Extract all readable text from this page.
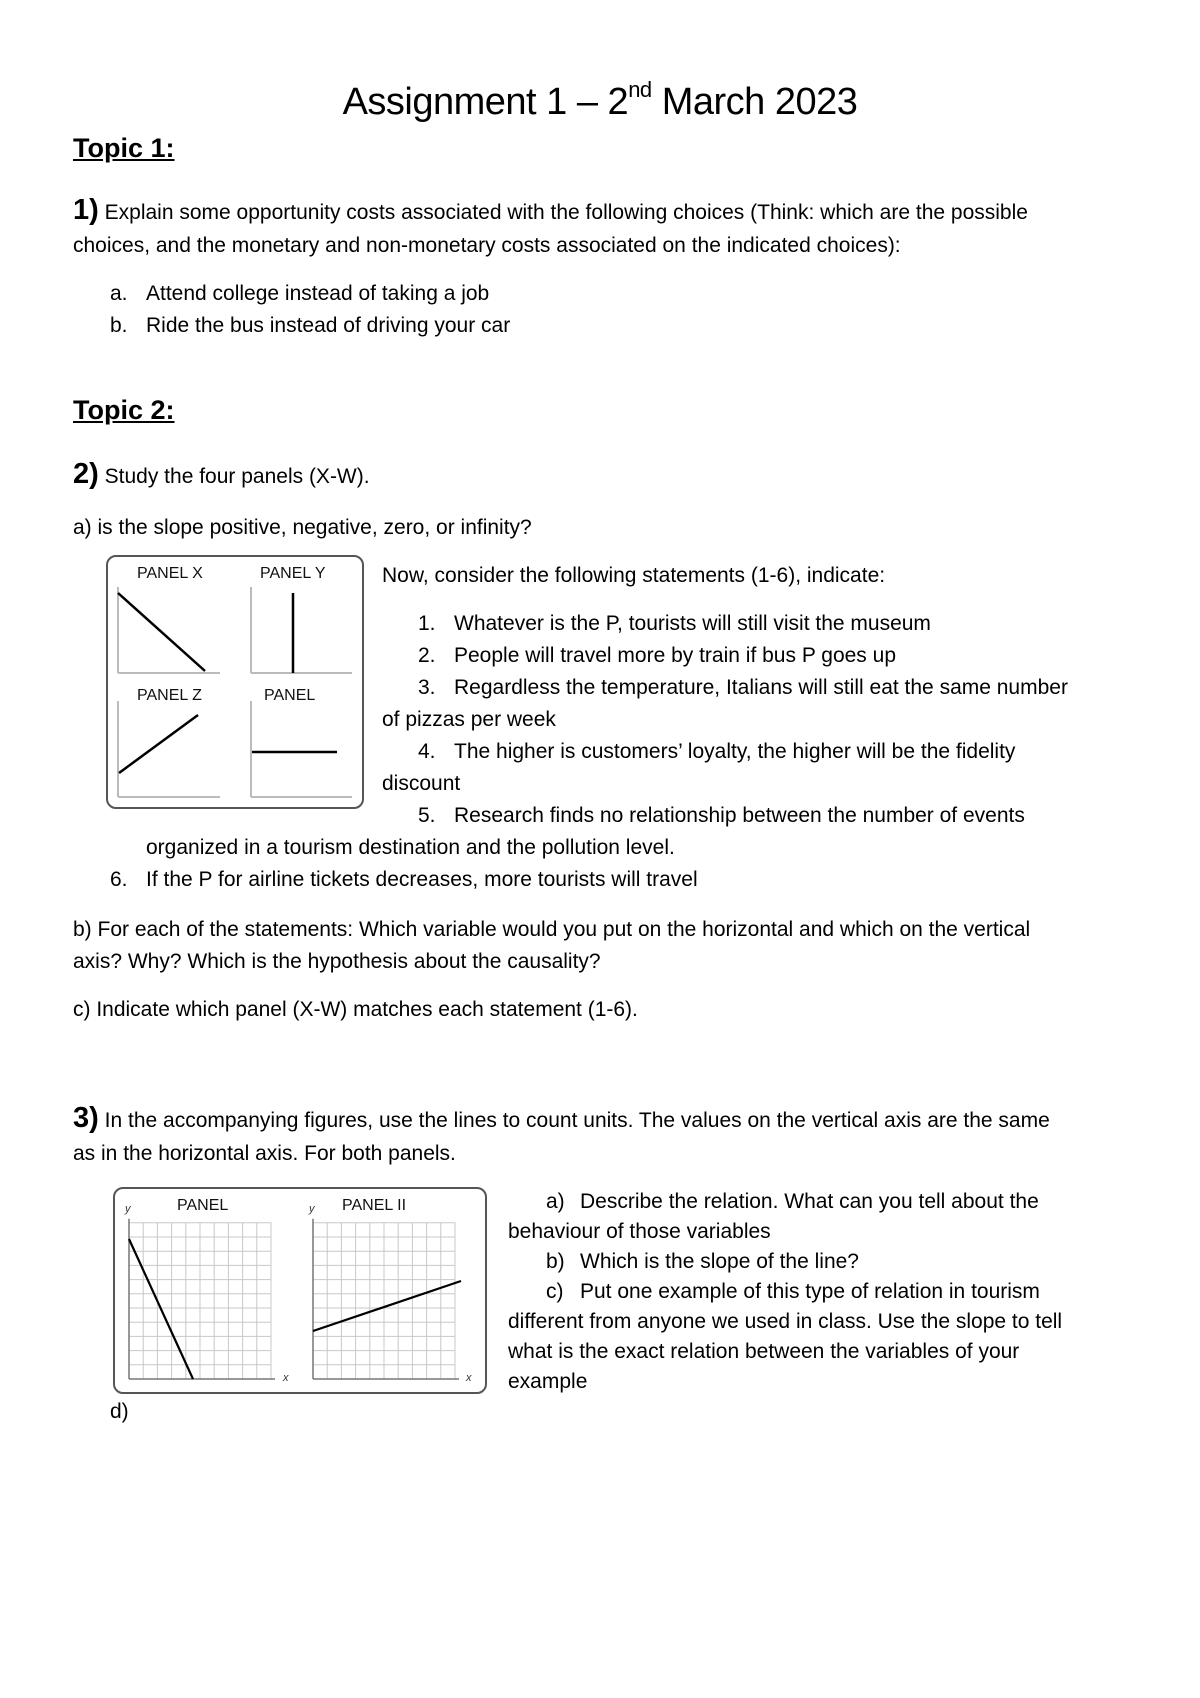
Assignment 1 – 2nd March 2023
Topic 1:
1) Explain some opportunity costs associated with the following choices (Think: which are the possible
choices, and the monetary and non-monetary costs associated on the indicated choices):
a. Attend college instead of taking a job
b. Ride the bus instead of driving your car
Topic 2:
2) Study the four panels (X-W).
a) is the slope positive, negative, zero, or infinity?
PANEL X	PANEL Y
PANEL Z	PANEL
Now, consider the following statements (1-6), indicate:
1. Whatever is the P, tourists will still visit the museum
2. People will travel more by train if bus P goes up
3. Regardless the temperature, Italians will still eat the same number
of pizzas per week
4. The higher is customers’ loyalty, the higher will be the fidelity
discount
5. Research finds no relationship between the number of events
organized in a tourism destination and the pollution level.
6. If the P for airline tickets decreases, more tourists will travel
b) For each of the statements: Which variable would you put on the horizontal and which on the vertical
axis? Why? Which is the hypothesis about the causality?
c) Indicate which panel (X-W) matches each statement (1-6).
3) In the accompanying figures, use the lines to count units. The values on the vertical axis are the same
as in the horizontal axis. For both panels.
PANEL	PANEL II
y	y
x	x
a) Describe the relation. What can you tell about the
behaviour of those variables
b) Which is the slope of the line?
c) Put one example of this type of relation in tourism
different from anyone we used in class. Use the slope to tell
what is the exact relation between the variables of your
example
d)
